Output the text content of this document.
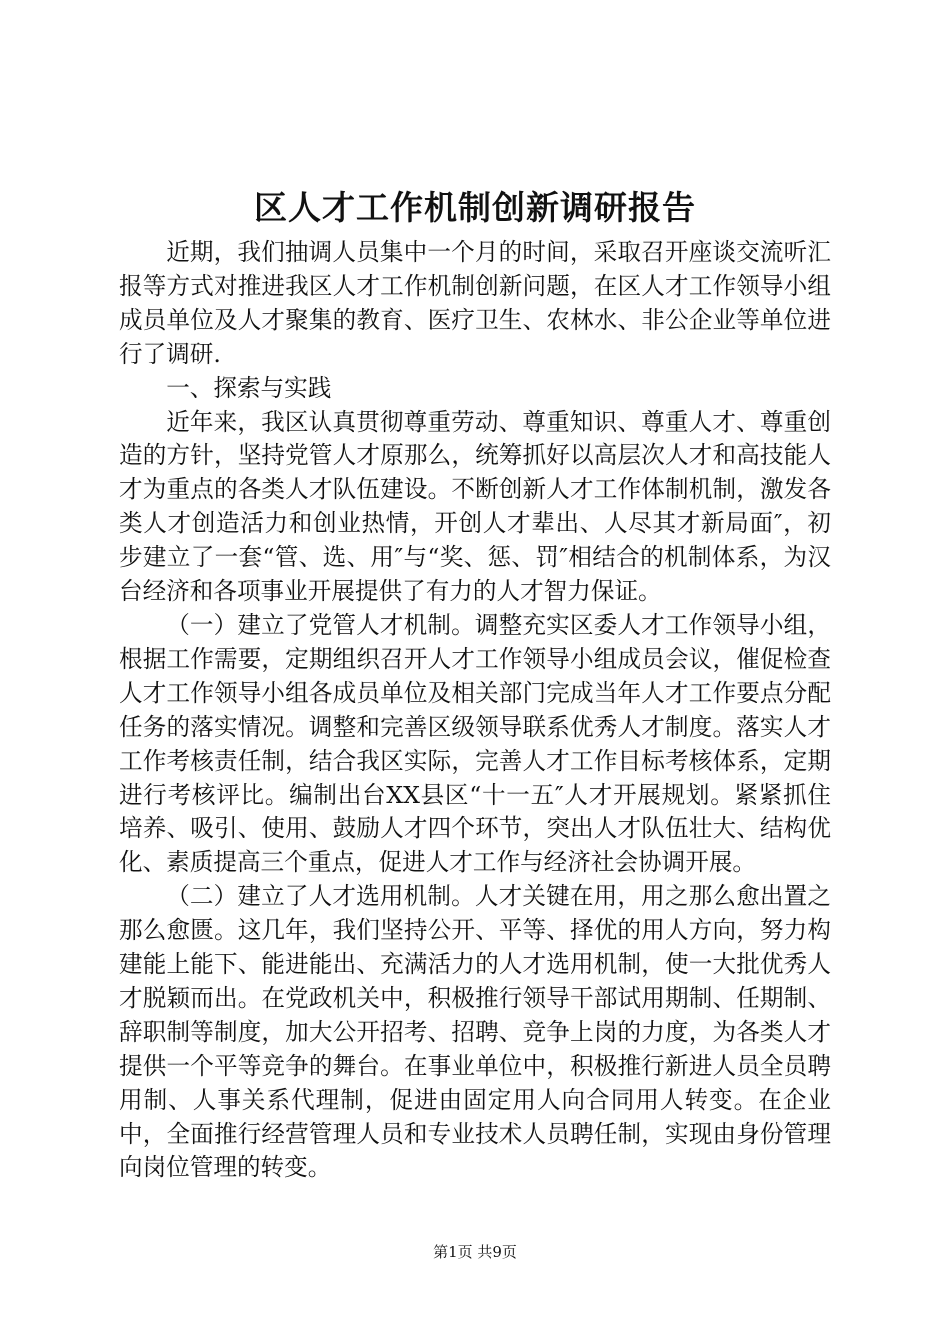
区人才工作机制创新调研报告

近期，我们抽调人员集中一个月的时间，采取召开座谈交流听汇报等方式对推进我区人才工作机制创新问题，在区人才工作领导小组成员单位及人才聚集的教育、医疗卫生、农林水、非公企业等单位进行了调研.

一、探索与实践

近年来，我区认真贯彻尊重劳动、尊重知识、尊重人才、尊重创造的方针，坚持党管人才原那么，统筹抓好以高层次人才和高技能人才为重点的各类人才队伍建设。不断创新人才工作体制机制，激发各类人才创造活力和创业热情，开创人才辈出、人尽其才新局面″，初步建立了一套“管、选、用″与“奖、惩、罚″相结合的机制体系，为汉台经济和各项事业开展提供了有力的人才智力保证。

（一）建立了党管人才机制。调整充实区委人才工作领导小组，根据工作需要，定期组织召开人才工作领导小组成员会议，催促检查人才工作领导小组各成员单位及相关部门完成当年人才工作要点分配任务的落实情况。调整和完善区级领导联系优秀人才制度。落实人才工作考核责任制，结合我区实际，完善人才工作目标考核体系，定期进行考核评比。编制出台XX县区“十一五″人才开展规划。紧紧抓住培养、吸引、使用、鼓励人才四个环节，突出人才队伍壮大、结构优化、素质提高三个重点，促进人才工作与经济社会协调开展。

（二）建立了人才选用机制。人才关键在用，用之那么愈出置之那么愈匮。这几年，我们坚持公开、平等、择优的用人方向，努力构建能上能下、能进能出、充满活力的人才选用机制，使一大批优秀人才脱颖而出。在党政机关中，积极推行领导干部试用期制、任期制、辞职制等制度，加大公开招考、招聘、竞争上岗的力度，为各类人才提供一个平等竞争的舞台。在事业单位中，积极推行新进人员全员聘用制、人事关系代理制，促进由固定用人向合同用人转变。在企业中，全面推行经营管理人员和专业技术人员聘任制，实现由身份管理向岗位管理的转变。

第1页 共9页
